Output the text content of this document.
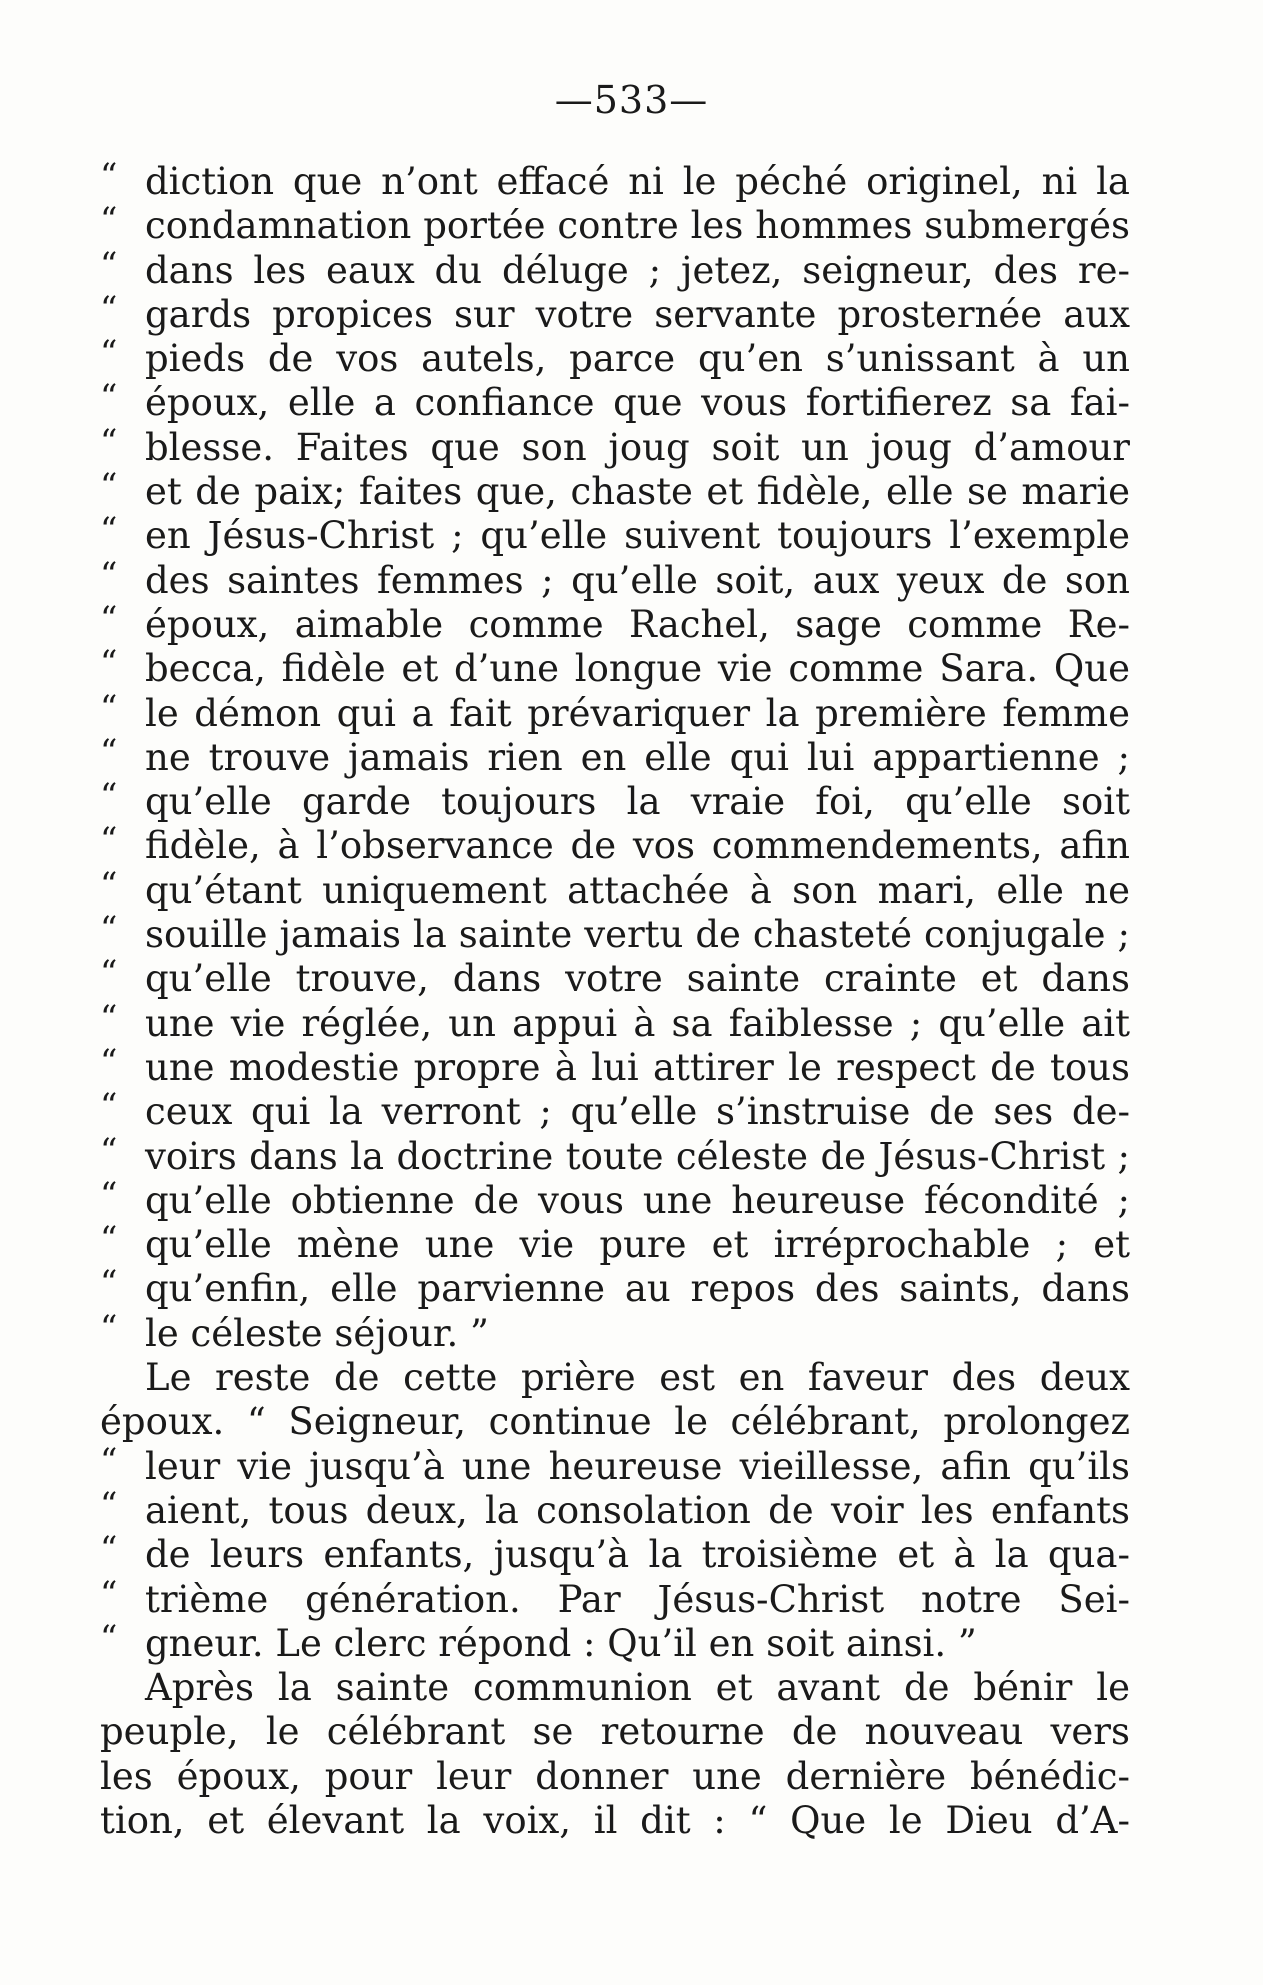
—533—
“ diction que n’ont effacé ni le péché originel, ni la
“ condamnation portée contre les hommes submergés
“ dans les eaux du déluge ; jetez, seigneur, des re-
“ gards propices sur votre servante prosternée aux
“ pieds de vos autels, parce qu’en s’unissant à un
“ époux, elle a confiance que vous fortifierez sa fai-
“ blesse. Faites que son joug soit un joug d’amour
“ et de paix; faites que, chaste et fidèle, elle se marie
“ en Jésus-Christ ; qu’elle suivent toujours l’exemple
“ des saintes femmes ; qu’elle soit, aux yeux de son
“ époux, aimable comme Rachel, sage comme Re-
“ becca, fidèle et d’une longue vie comme Sara. Que
“ le démon qui a fait prévariquer la première femme
“ ne trouve jamais rien en elle qui lui appartienne ;
“ qu’elle garde toujours la vraie foi, qu’elle soit
“ fidèle, à l’observance de vos commendements, afin
“ qu’étant uniquement attachée à son mari, elle ne
“ souille jamais la sainte vertu de chasteté conjugale ;
“ qu’elle trouve, dans votre sainte crainte et dans
“ une vie réglée, un appui à sa faiblesse ; qu’elle ait
“ une modestie propre à lui attirer le respect de tous
“ ceux qui la verront ; qu’elle s’instruise de ses de-
“ voirs dans la doctrine toute céleste de Jésus-Christ ;
“ qu’elle obtienne de vous une heureuse fécondité ;
“ qu’elle mène une vie pure et irréprochable ; et
“ qu’enfin, elle parvienne au repos des saints, dans
“ le céleste séjour. ”
Le reste de cette prière est en faveur des deux
époux. “ Seigneur, continue le célébrant, prolongez
“ leur vie jusqu’à une heureuse vieillesse, afin qu’ils
“ aient, tous deux, la consolation de voir les enfants
“ de leurs enfants, jusqu’à la troisième et à la qua-
“ trième génération. Par Jésus-Christ notre Sei-
“ gneur. Le clerc répond : Qu’il en soit ainsi. ”
Après la sainte communion et avant de bénir le
peuple, le célébrant se retourne de nouveau vers
les époux, pour leur donner une dernière bénédic-
tion, et élevant la voix, il dit : “ Que le Dieu d’A-
